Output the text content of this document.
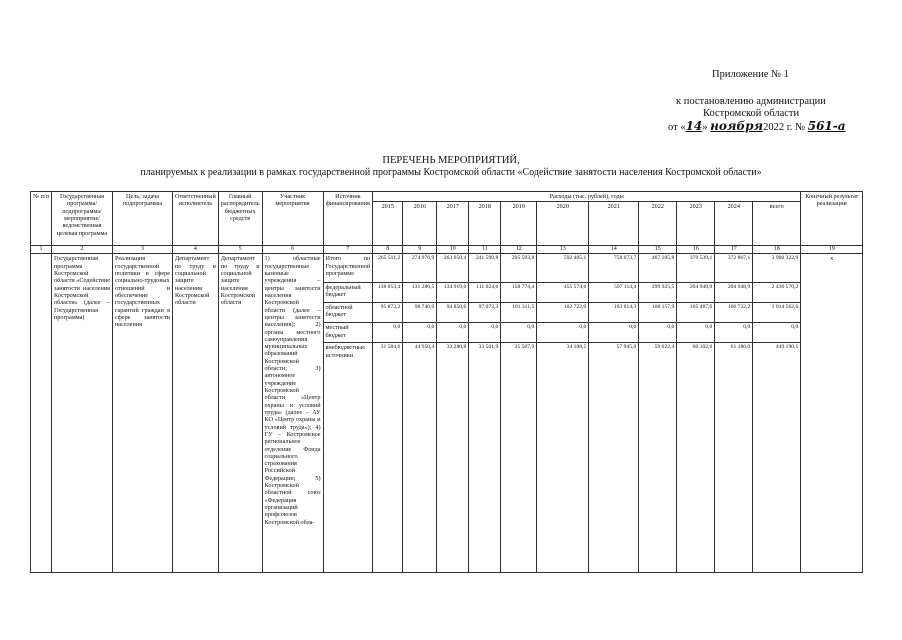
Приложение № 1
к постановлению администрации
Костромской области
от «14» ноября2022 г. № 561-а
ПЕРЕЧЕНЬ МЕРОПРИЯТИЙ,
планируемых к реализации в рамках государственной программы Костромской области «Содействие занятости населения Костромской области»
№ п/п	Государственная программа/ подпрограмма/ мероприятие/ ведомственная целевая программа	Цель, задача подпрограммы	Ответственный исполнитель	Главный распорядитель бюджетных средств	Участник мероприятия	Источник финансирования	Расходы (тыс. рублей), годы											Конечный результат реализации
							2015	2016	2017	2018	2019	2020	2021	2022	2023	2024	всего	
1	2	3	4	5	6	7	8	9	10	11	12	13	14	15	16	17	18	19
	Государственная программа Костромской области «Содействие занятости населения Костромской области» (далее – Государственная программа)	Реализация государственной политики в сфере социально-трудовых отношений и обеспечение государственных гарантий граждан в сфере занятости населения	Департамент по труду и социальной защите населения Костромской области	Департамент по труду и социальной защите населения Костромской области	1) областные государственные казенные учреждения – центры занятости населения Костромской области (далее – центры занятости населения); 2) органы местного самоуправления муниципальных образований Костромской области; 3) автономное учреждение Костромской области «Центр охраны и условий труда» (далее – АУ КО «Центр охраны и условий труда»); 4) ГУ – Костромское региональное отделение Фонда социального страхования Российской Федерации; 5) Костромской областной союз «Федерация организаций профсоюзов Костромской обла-	Итого по Государственной программе	265 511,2	274 976,9	263 050,4	241 599,8	295 593,8	592 405,1	758 673,7	467 105,8	370 539,1	372 867,1	3 900 322,9	х
						федеральный бюджет	138 053,4	131 286,5	134 919,0	111 024,6	158 774,4	455 574,6	597 114,4	299 925,5	204 948,9	204 948,9	2 436 570,2	
						областной бюджет	95 873,2	98 740,0	94 850,6	97 073,3	101 311,5	102 722,0	103 614,3	108 157,9	105 487,6	106 732,2	1 014 562,6	
						местный бюджет	0,0	0,0	0,0	0,0	0,0	0,0	0,0	0,0	0,0	0,0	0,0	
						внебюджетные источники	31 584,6	44 950,4	33 280,8	33 501,9	35 507,9	34 108,5	57 945,0	59 022,4	60 102,6	61 186,0	449 190,1	
